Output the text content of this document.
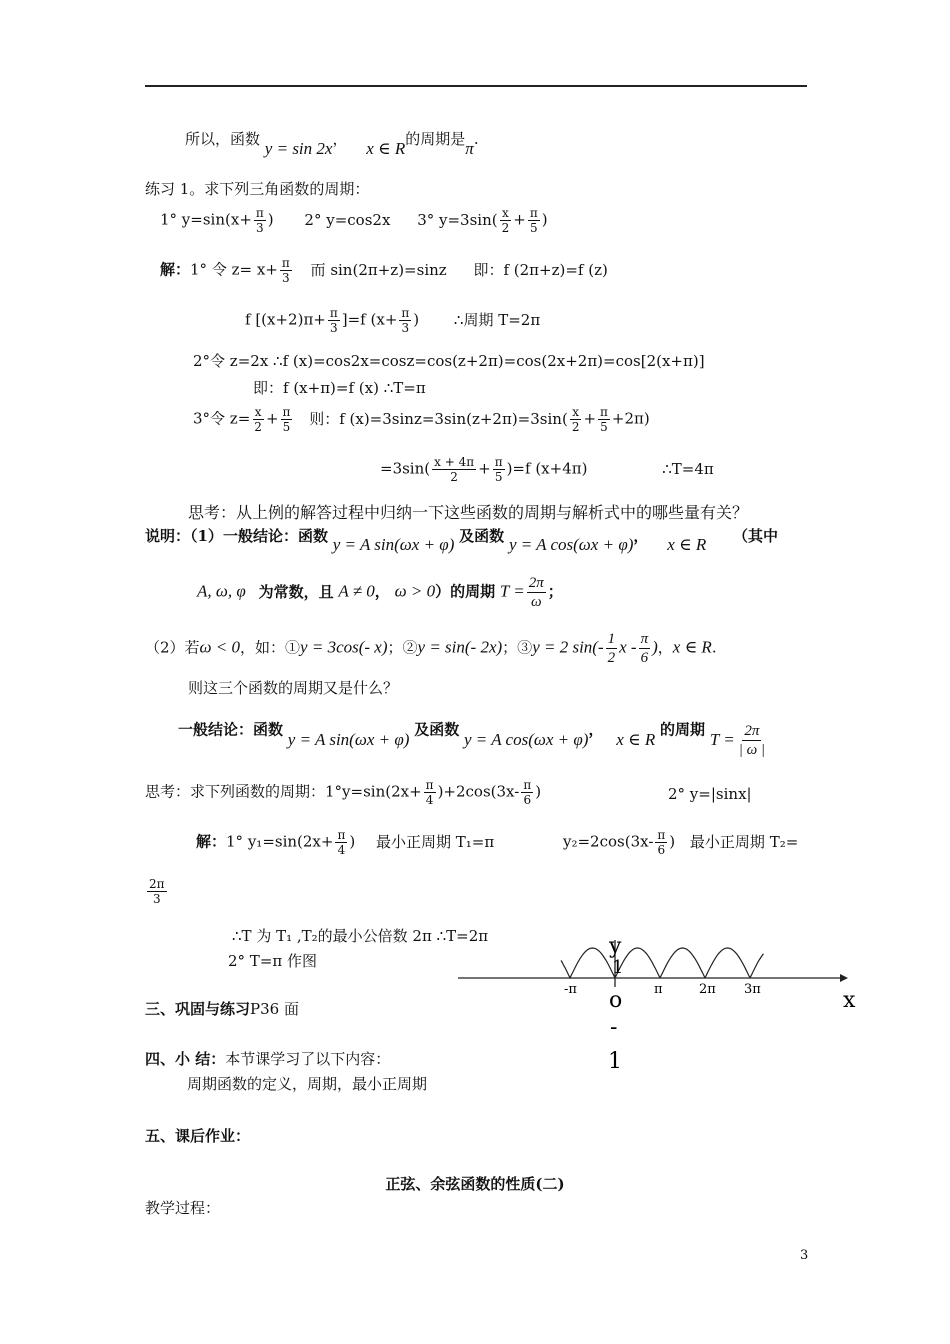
所以，函数 y = sin 2x， x ∈ R的周期是π.
练习 1。求下列三角函数的周期：
1° $y=\sin(x+ \frac{\pi}{3}$ ) 2° y=cos2x 3° $y=3\sin( \frac{x}{2} + \frac{\pi}{5}$ )
解：1° 令 $z= x+ \frac{\pi}{3}$ 而 sin(2π+z)=sinz 即：f (2π+z)=f (z)
f $[(x+2)\pi+ \frac{\pi}{3} ]=f$ ($x+ \frac{\pi}{3}$ ) ∴周期 T=2π
2°令 z=2x ∴f (x)=cos2x=cosz=cos(z+2π)=cos(2x+2π)=cos[2(x+π)]
即：f (x+π)=f (x) ∴T=π
3°令 $z= \frac{x}{2} + \frac{\pi}{5}$ 则：f $(x)=3\sin z=3\sin(z+2\pi)=3\sin( \frac{x}{2} + \frac{\pi}{5} +2\pi)$
$=3\sin( \frac{x + 4\pi}{2} + \frac{\pi}{5} )=f$ (x+4π)	∴T=4π
思考：从上例的解答过程中归纳一下这些函数的周期与解析式中的哪些量有关？
说明：（1）一般结论：函数 y = A sin(ωx + φ) 及函数 y = A cos(ωx + φ)， x ∈ R （其中
A, ω, φ 为常数，且 A ≠ 0， ω > 0）的周期 $T = \frac{2\pi}{\omega}$ ；
（2）若ω < 0，如：①y = 3cos(- x)；②y = sin(- 2x)；③y = 2 $\sin(- \frac{1}{2}$ x - $\frac{\pi}{6}$ )，x ∈ R.
则这三个函数的周期又是什么？
一般结论：函数 y = A sin(ωx + φ) 及函数 y = A cos(ωx + φ)， x ∈ R 的周期 $T = \frac{2\pi}{| \omega |}$
思考：求下列函数的周期：$1^\circ y=\sin(2x+ \frac{\pi}{4} )+2\cos(3x- \frac{\pi}{6}$ )	2° y=|sinx|
解：1° $y_1=\sin(2x+ \frac{\pi}{4}$ ) 最小正周期 T₁=π	$y_2=2\cos(3x- \frac{\pi}{6}$ ) 最小正周期 T₂=
$\frac{2\pi}{3}$
∴T 为 T₁ ,T₂的最小公倍数 2π ∴T=2π
2° T=π 作图
y
1
o	x
-
1
-π	π	2π 3π
三、巩固与练习P36 面
四、小 结：本节课学习了以下内容：
周期函数的定义，周期，最小正周期
五、课后作业：
正弦、余弦函数的性质(二)
教学过程：
3
